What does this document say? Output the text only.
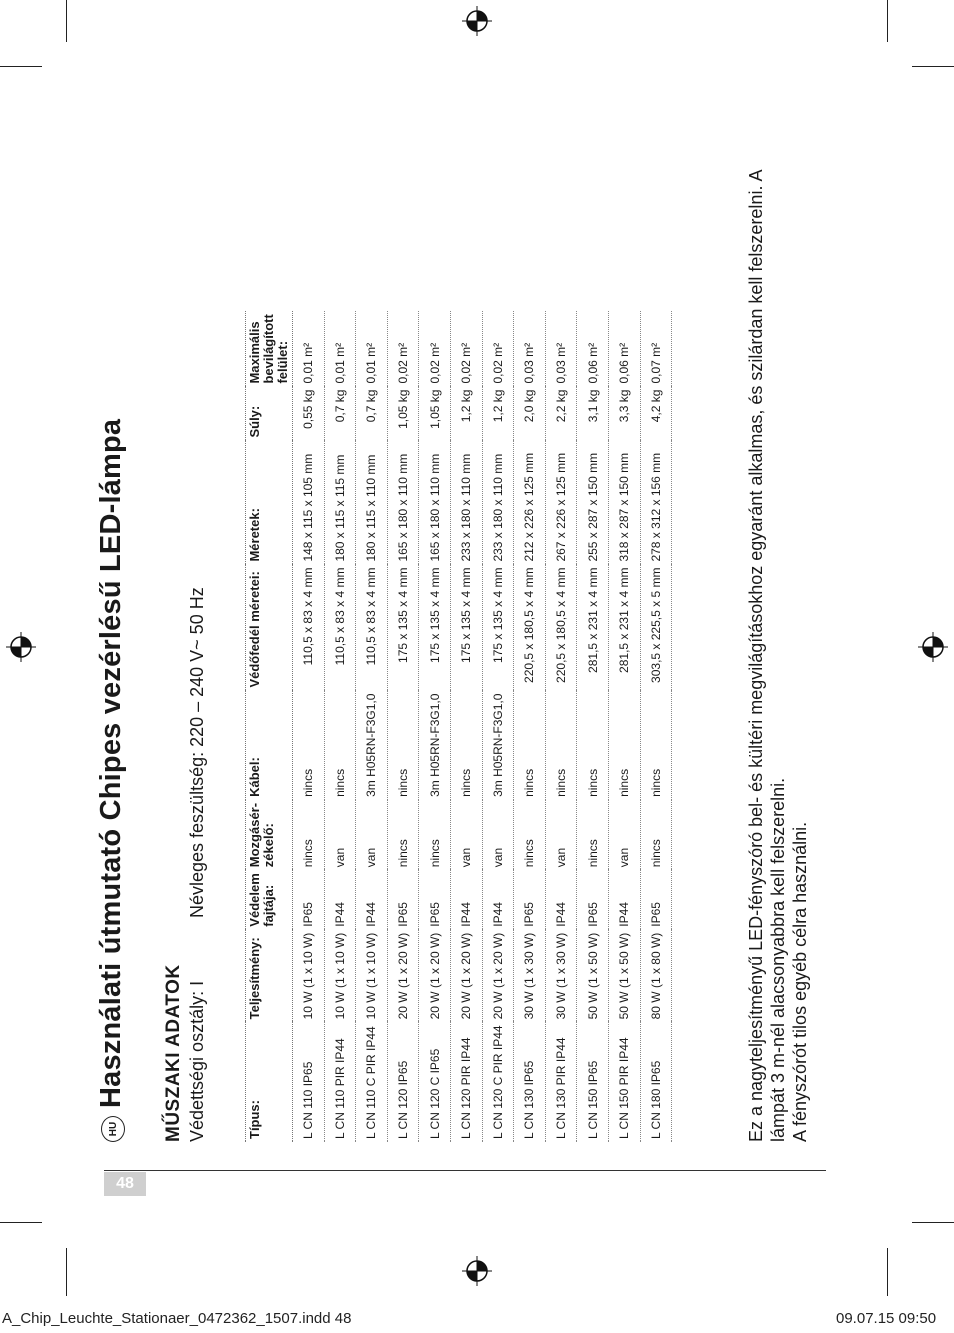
HU
Használati útmutató Chipes vezérlésű LED-lámpa MŰSZAKI ADATOK Védettségi osztály: I
Névleges feszültség: 220 – 240 V~ 50 Hz
Típus:	Teljesítmény:	Védelem fajtája:	Mozgásér-zékelő:	Kábel:	Védőfedél méretei:	Méretek:	Súly:	Maximális bevilágított felület:
L CN 110 IP65	10 W (1 x 10 W)	IP65	nincs	nincs	110,5 x 83 x 4 mm	148 x 115 x 105 mm	0,55 kg	0,01 m²
L CN 110 PIR IP44	10 W (1 x 10 W)	IP44	van	nincs	110,5 x 83 x 4 mm	180 x 115 x 115 mm	0,7 kg	0,01 m²
L CN 110 C PIR IP44	10 W (1 x 10 W)	IP44	van	3m H05RN-F3G1,0	110,5 x 83 x 4 mm	180 x 115 x 110 mm	0,7 kg	0,01 m²
L CN 120 IP65	20 W (1 x 20 W)	IP65	nincs	nincs	175 x 135 x 4 mm	165 x 180 x 110 mm	1,05 kg	0,02 m²
L CN 120 C IP65	20 W (1 x 20 W)	IP65	nincs	3m H05RN-F3G1,0	175 x 135 x 4 mm	165 x 180 x 110 mm	1,05 kg	0,02 m²
L CN 120 PIR IP44	20 W (1 x 20 W)	IP44	van	nincs	175 x 135 x 4 mm	233 x 180 x 110 mm	1,2 kg	0,02 m²
L CN 120 C PIR IP44	20 W (1 x 20 W)	IP44	van	3m H05RN-F3G1,0	175 x 135 x 4 mm	233 x 180 x 110 mm	1,2 kg	0,02 m²
L CN 130 IP65	30 W (1 x 30 W)	IP65	nincs	nincs	220,5 x 180,5 x 4 mm	212 x 226 x 125 mm	2,0 kg	0,03 m²
L CN 130 PIR IP44	30 W (1 x 30 W)	IP44	van	nincs	220,5 x 180,5 x 4 mm	267 x 226 x 125 mm	2,2 kg	0,03 m²
L CN 150 IP65	50 W (1 x 50 W)	IP65	nincs	nincs	281,5 x 231 x 4 mm	255 x 287 x 150 mm	3,1 kg	0,06 m²
L CN 150 PIR IP44	50 W (1 x 50 W)	IP44	van	nincs	281,5 x 231 x 4 mm	318 x 287 x 150 mm	3,3 kg	0,06 m²
L CN 180 IP65	80 W (1 x 80 W)	IP65	nincs	nincs	303,5 x 225,5 x 5 mm	278 x 312 x 156 mm	4,2 kg	0,07 m²	Ez a nagyteljesítményű LED-fényszóró bel- és kültéri megvilágításokhoz egyaránt alkalmas, és szilárdan kell felszerelni. A lámpát 3 m-nél alacsonyabbra kell felszerelni. A fényszórót tilos egyéb célra használni.

48
A_Chip_Leuchte_Stationaer_0472362_1507.indd 48	09.07.15 09:50
